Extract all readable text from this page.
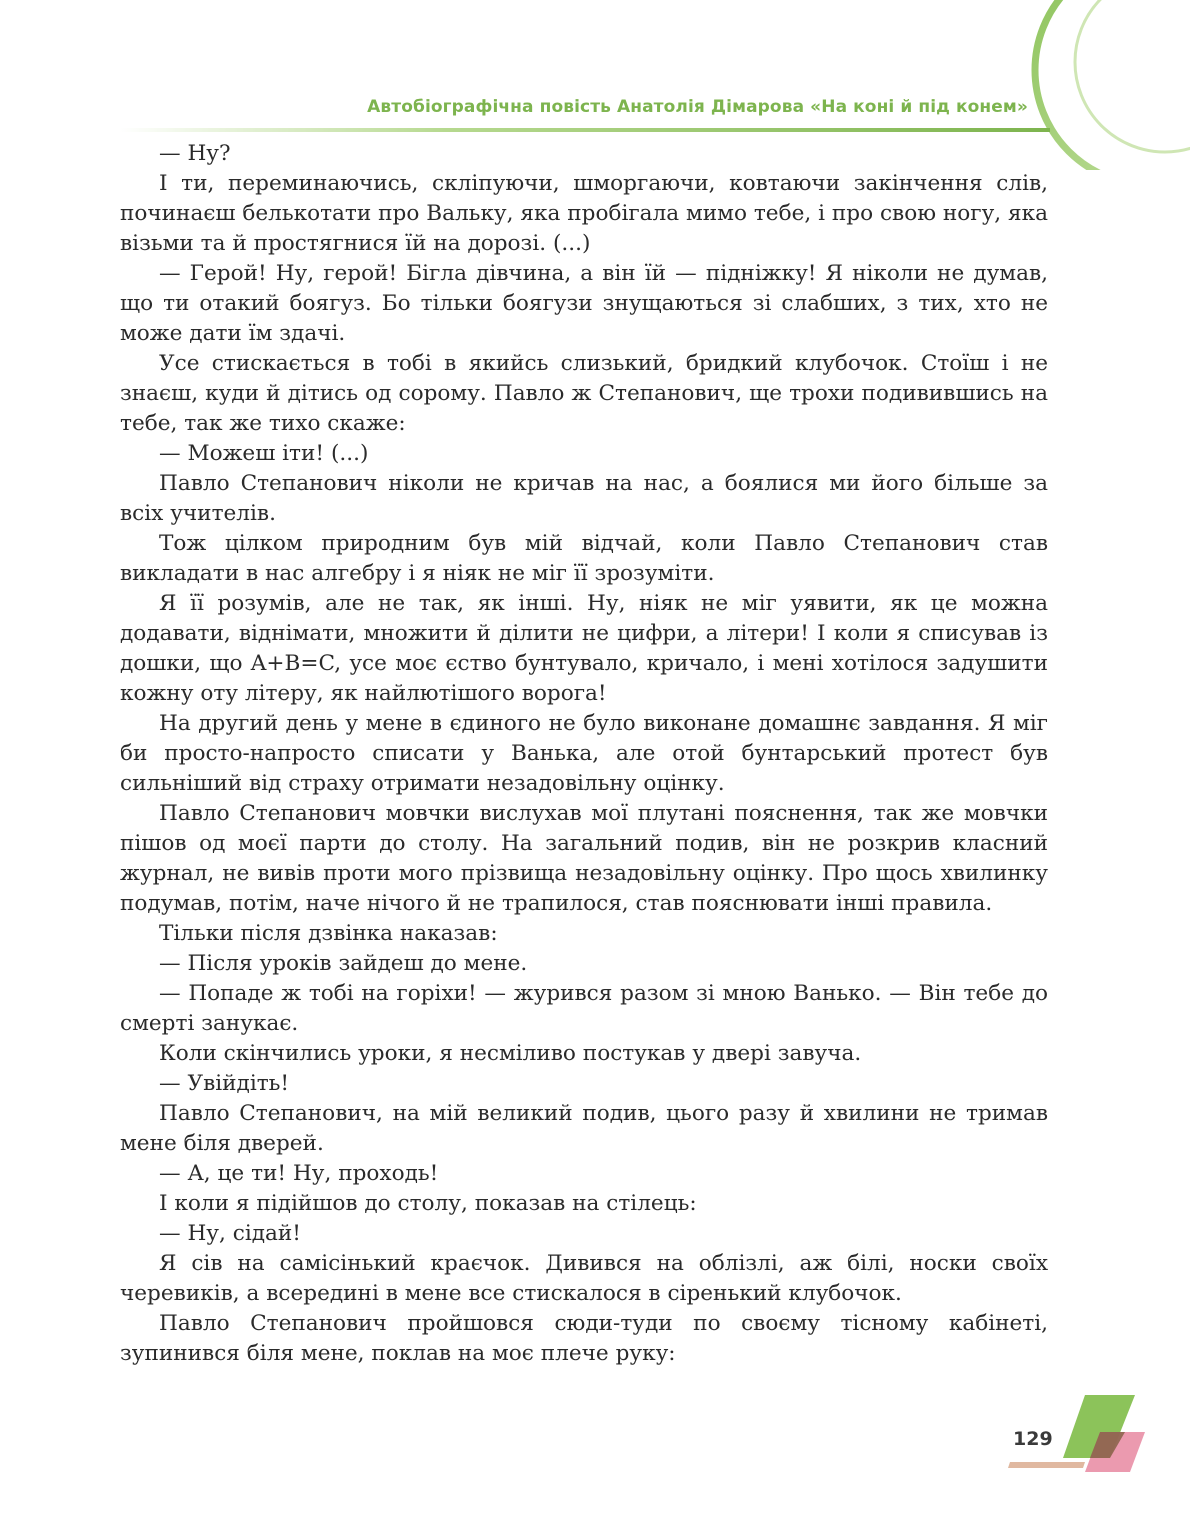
Автобіографічна повість Анатолія Дімарова «На коні й під конем»

— Ну?

І ти, переминаючись, скліпуючи, шморгаючи, ковтаючи закінчення слів, починаєш белькотати про Вальку, яка пробігала мимо тебе, і про свою ногу, яка візьми та й простягнися їй на дорозі. (...)

— Герой! Ну, герой! Бігла дівчина, а він їй — підніжку! Я ніколи не думав, що ти отакий боягуз. Бо тільки боягузи знущаються зі слабших, з тих, хто не може дати їм здачі.

Усе стискається в тобі в якийсь слизький, бридкий клубочок. Стоїш і не знаєш, куди й дітись од сорому. Павло ж Степанович, ще трохи подивившись на тебе, так же тихо скаже:

— Можеш іти! (...)

Павло Степанович ніколи не кричав на нас, а боялися ми його більше за всіх учителів.

Тож цілком природним був мій відчай, коли Павло Степанович став викладати в нас алгебру і я ніяк не міг її зрозуміти.

Я її розумів, але не так, як інші. Ну, ніяк не міг уявити, як це можна додавати, віднімати, множити й ділити не цифри, а літери! І коли я списував із дошки, що A+B=C, усе моє єство бунтувало, кричало, і мені хотілося задушити кожну оту літеру, як найлютішого ворога!

На другий день у мене в єдиного не було виконане домашнє завдання. Я міг би просто-напросто списати у Ванька, але отой бунтарський протест був сильніший від страху отримати незадовільну оцінку.

Павло Степанович мовчки вислухав мої плутані пояснення, так же мовчки пішов од моєї парти до столу. На загальний подив, він не розкрив класний журнал, не вивів проти мого прізвища незадовільну оцінку. Про щось хвилинку подумав, потім, наче нічого й не трапилося, став пояснювати інші правила.

Тільки після дзвінка наказав:

— Після уроків зайдеш до мене.

— Попаде ж тобі на горіхи! — журився разом зі мною Ванько. — Він тебе до смерті занукає.

Коли скінчились уроки, я несміливо постукав у двері завуча.

— Увійдіть!

Павло Степанович, на мій великий подив, цього разу й хвилини не тримав мене біля дверей.

— А, це ти! Ну, проходь!

І коли я підійшов до столу, показав на стілець:

— Ну, сідай!

Я сів на самісінький краєчок. Дивився на облізлі, аж білі, носки своїх черевиків, а всередині в мене все стискалося в сіренький клубочок.

Павло Степанович пройшовся сюди-туди по своєму тісному кабінеті, зупинився біля мене, поклав на моє плече руку:

129
